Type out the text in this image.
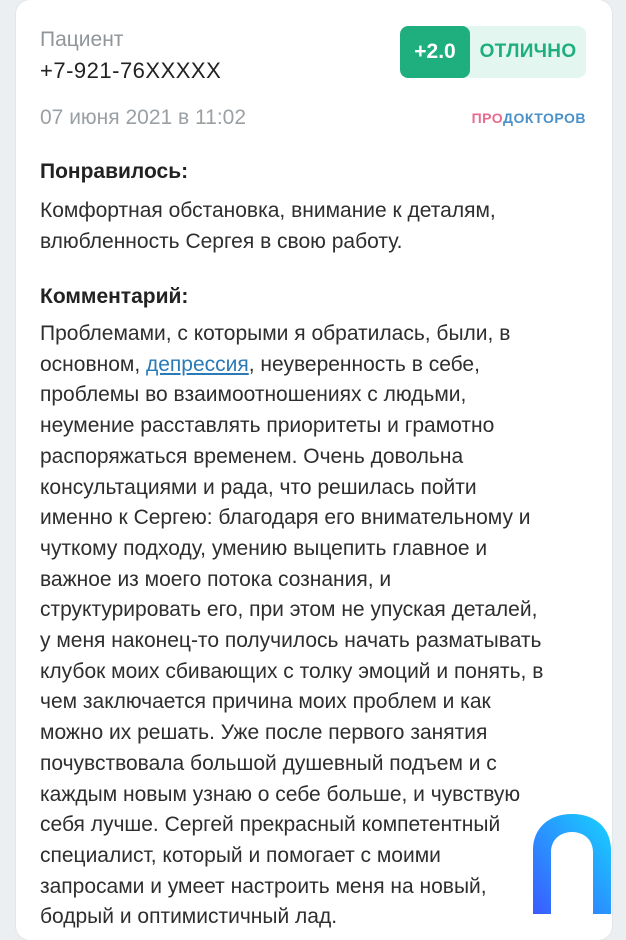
Пациент
+7-921-76XXXXX
+2.0	ОТЛИЧНО
07 июня 2021 в 11:02	ПРОДОКТОРОВ
Понравилось:
Комфортная обстановка, внимание к деталям,
влюбленность Сергея в свою работу.
Комментарий:
Проблемами, с которыми я обратилась, были, в
основном, депрессия, неуверенность в себе,
проблемы во взаимоотношениях с людьми,
неумение расставлять приоритеты и грамотно
распоряжаться временем. Очень довольна
консультациями и рада, что решилась пойти
именно к Сергею: благодаря его внимательному и
чуткому подходу, умению выцепить главное и
важное из моего потока сознания, и
структурировать его, при этом не упуская деталей,
у меня наконец-то получилось начать разматывать
клубок моих сбивающих с толку эмоций и понять, в
чем заключается причина моих проблем и как
можно их решать. Уже после первого занятия
почувствовала большой душевный подъем и с
каждым новым узнаю о себе больше, и чувствую
себя лучше. Сергей прекрасный компетентный
специалист, который и помогает с моими
запросами и умеет настроить меня на новый,
бодрый и оптимистичный лад.
